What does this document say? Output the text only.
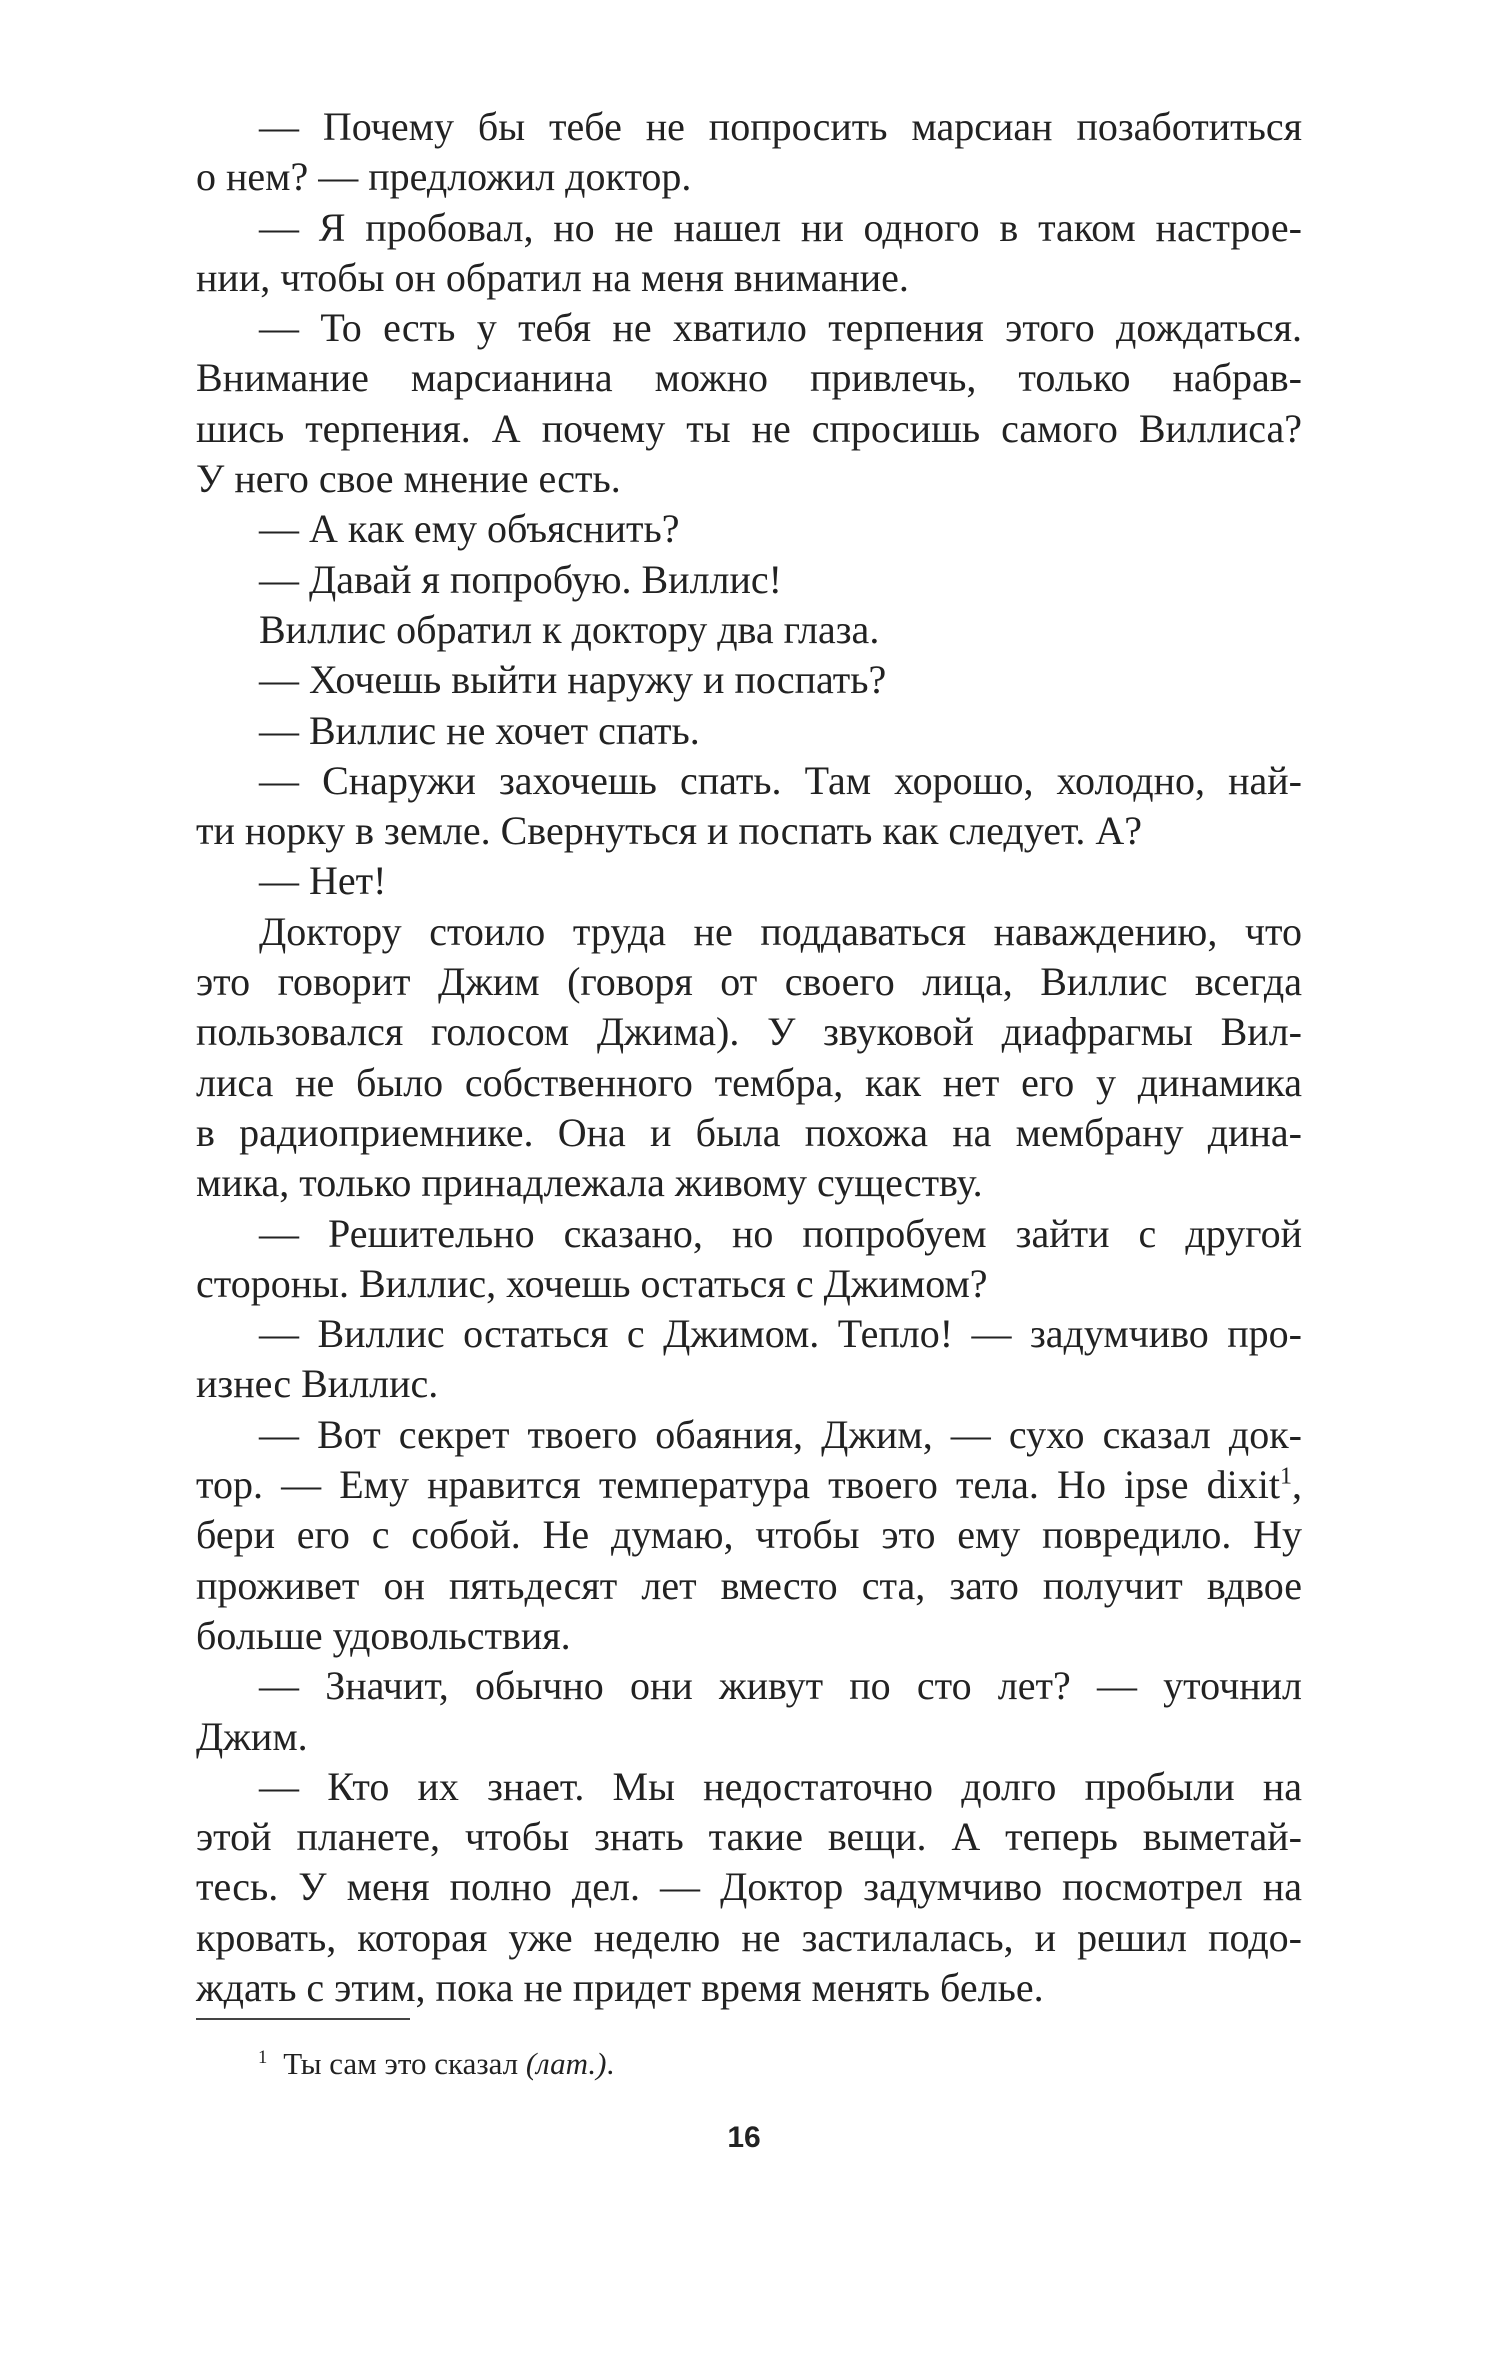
— Почему бы тебе не попросить марсиан позаботиться
о нем? — предложил доктор.
— Я пробовал, но не нашел ни одного в таком настрое-
нии, чтобы он обратил на меня внимание.
— То есть у тебя не хватило терпения этого дождаться.
Внимание марсианина можно привлечь, только набрав-
шись терпения. А почему ты не спросишь самого Виллиса?
У него свое мнение есть.
— А как ему объяснить?
— Давай я попробую. Виллис!
Виллис обратил к доктору два глаза.
— Хочешь выйти наружу и поспать?
— Виллис не хочет спать.
— Снаружи захочешь спать. Там хорошо, холодно, най-
ти норку в земле. Свернуться и поспать как следует. А?
— Нет!
Доктору стоило труда не поддаваться наваждению, что
это говорит Джим (говоря от своего лица, Виллис всегда
пользовался голосом Джима). У звуковой диафрагмы Вил-
лиса не было собственного тембра, как нет его у динамика
в радиоприемнике. Она и была похожа на мембрану дина-
мика, только принадлежала живому существу.
— Решительно сказано, но попробуем зайти с другой
стороны. Виллис, хочешь остаться с Джимом?
— Виллис остаться с Джимом. Тепло! — задумчиво про-
изнес Виллис.
— Вот секрет твоего обаяния, Джим, — сухо сказал док-
тор. — Ему нравится температура твоего тела. Но ipse dixit$^1$,
бери его с собой. Не думаю, чтобы это ему повредило. Ну
проживет он пятьдесят лет вместо ста, зато получит вдвое
больше удовольствия.
— Значит, обычно они живут по сто лет? — уточнил
Джим.
— Кто их знает. Мы недостаточно долго пробыли на
этой планете, чтобы знать такие вещи. А теперь выметай-
тесь. У меня полно дел. — Доктор задумчиво посмотрел на
кровать, которая уже неделю не застилалась, и решил подо-
ждать с этим, пока не придет время менять белье.
$^1$ Ты сам это сказал (лат.).
16
